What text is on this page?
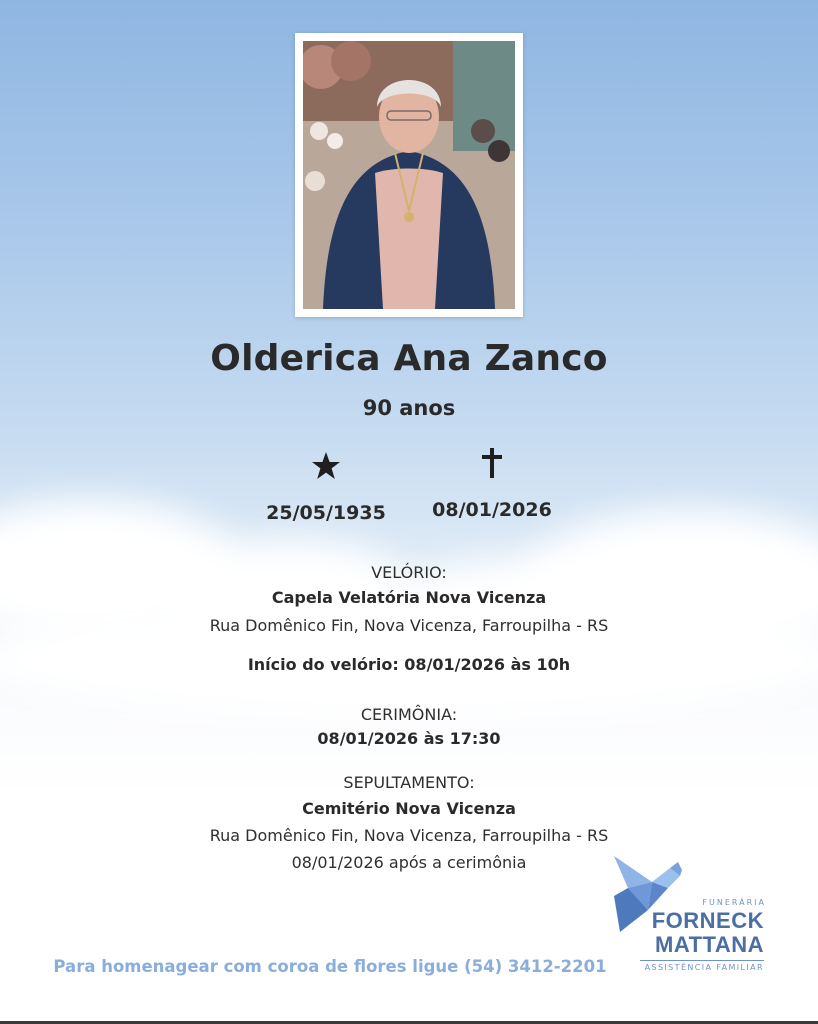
Olderica Ana Zanco
90 anos
25/05/1935	08/01/2026
VELÓRIO:
Capela Velatória Nova Vicenza
Rua Domênico Fin, Nova Vicenza, Farroupilha - RS
Início do velório: 08/01/2026 às 10h
CERIMÔNIA:
08/01/2026 às 17:30
SEPULTAMENTO:
Cemitério Nova Vicenza
Rua Domênico Fin, Nova Vicenza, Farroupilha - RS
08/01/2026 após a cerimônia
Para homenagear com coroa de flores ligue (54) 3412-2201
FUNERÁRIA
FORNECK
MATTANA
ASSISTÊNCIA FAMILIAR
